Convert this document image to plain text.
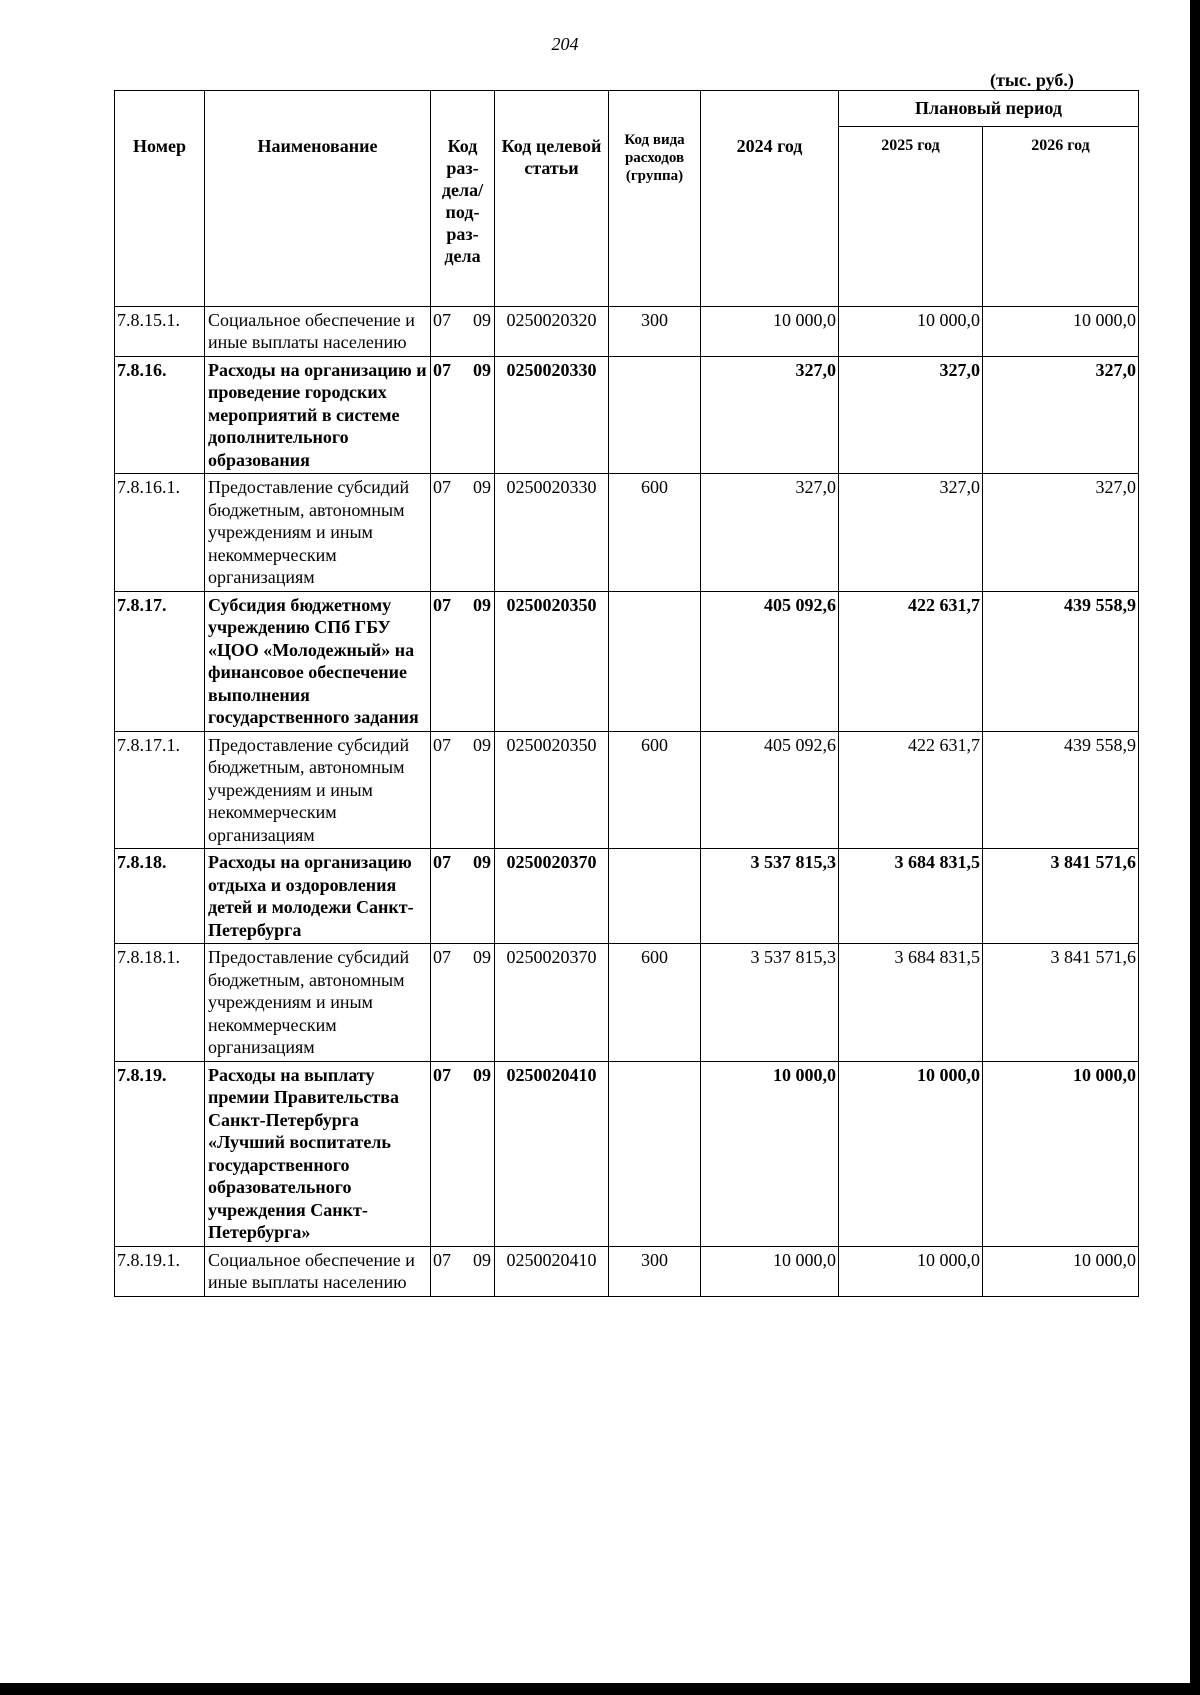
204
(тыс. руб.)
Номер	Наименование	Код раз-дела/ под-раз-дела	Код целевой статьи	Код вида расходов (группа)	2024 год	Плановый период	
						2025 год	2026 год
7.8.15.1.	Социальное обеспечение и иные выплаты населению	07 09	0250020320	300	10 000,0	10 000,0	10 000,0
7.8.16.	Расходы на организацию и проведение городских мероприятий в системе дополнительного образования	07 09	0250020330		327,0	327,0	327,0
7.8.16.1.	Предоставление субсидий бюджетным, автономным учреждениям и иным некоммерческим организациям	07 09	0250020330	600	327,0	327,0	327,0
7.8.17.	Субсидия бюджетному учреждению СПб ГБУ «ЦОО «Молодежный» на финансовое обеспечение выполнения государственного задания	07 09	0250020350		405 092,6	422 631,7	439 558,9
7.8.17.1.	Предоставление субсидий бюджетным, автономным учреждениям и иным некоммерческим организациям	07 09	0250020350	600	405 092,6	422 631,7	439 558,9
7.8.18.	Расходы на организацию отдыха и оздоровления детей и молодежи Санкт-Петербурга	07 09	0250020370		3 537 815,3	3 684 831,5	3 841 571,6
7.8.18.1.	Предоставление субсидий бюджетным, автономным учреждениям и иным некоммерческим организациям	07 09	0250020370	600	3 537 815,3	3 684 831,5	3 841 571,6
7.8.19.	Расходы на выплату премии Правительства Санкт-Петербурга «Лучший воспитатель государственного образовательного учреждения Санкт-Петербурга»	07 09	0250020410		10 000,0	10 000,0	10 000,0
7.8.19.1.	Социальное обеспечение и иные выплаты населению	07 09	0250020410	300	10 000,0	10 000,0	10 000,0
